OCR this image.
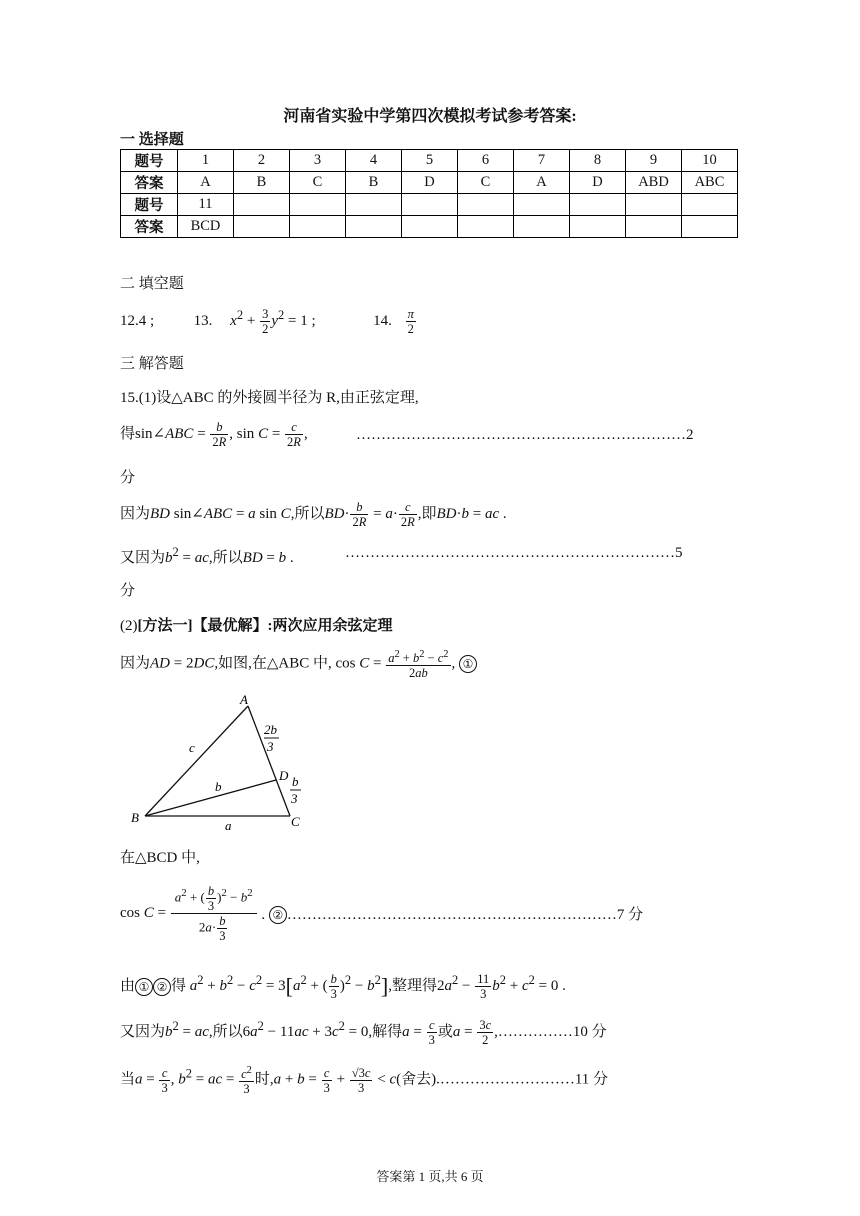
河南省实验中学第四次模拟考试参考答案:
一 选择题
题号	1	2	3	4	5	6	7	8	9	10
答案	A	B	C	B	D	C	A	D	ABD	ABC
题号	11									
答案	BCD									
二 填空题
12.4 ;	13. $x^2 + \frac{3}{2} y^2 = 1$ ;	14. $\frac{\pi}{2}$
三 解答题
15.(1)设△ABC 的外接圆半径为 R,由正弦定理,
得sin∠ABC = $\frac{b}{2R}$ , $\sin C = \frac{c}{2R}$ ,	…………………………………………………………2
分
因为BD sin∠ABC = a sin C,所以$BD\cdot \frac{b}{2R} = a\cdot \frac{c}{2R}$ ,即BD·b = ac .
又因为$b^2$ = ac,所以BD = b .	…………………………………………………………5
分
(2)[方法一]【最优解】:两次应用余弦定理
因为AD = 2DC,如图,在△ABC 中, $\cos C = \frac{a^2 + b^2 - c^2}{2ab}$ , ①
A
B	C
D
c
b
a
2b
3
b
3
在△BCD 中,
$\cos C = \frac{a^2 + ( \frac{b}{3} )^2 - b^2}{2a\cdot \frac{b}{3}}$ . ② …………………………………………………………7 分
由 ① ② 得 $a^2 + b^2 - c^2 = 3[a^2$ + ( $\frac{b}{3} )^2 - b^2$],整理得$2a^2 - \frac{11}{3} b^2 + c^2 = 0$ .
又因为$b^2$ = ac,所以$6a^2 - 11ac + 3c^2 = 0$,解得$a = \frac{c}{3}$ 或$a = \frac{3c}{2}$ ,……………10 分
当$a = \frac{c}{3}$ , $b^2$ = ac = $\frac{c^2}{3}$ 时$,a + b = \frac{c}{3} + \frac{√3c}{3} < c$(舍去).………………………11 分
答案第 1 页,共 6 页
